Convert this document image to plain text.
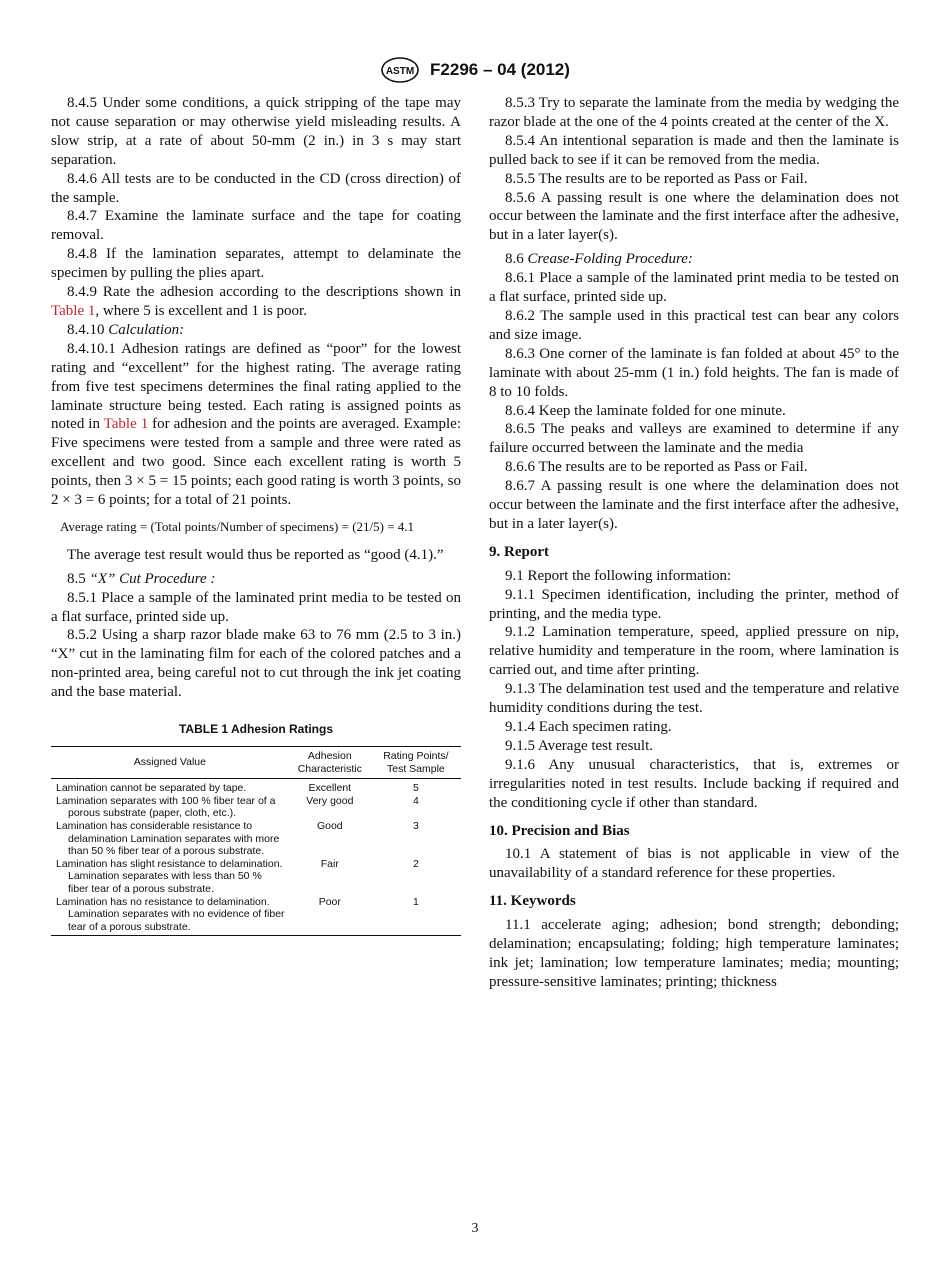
ASTM F2296 – 04 (2012)

8.4.5 Under some conditions, a quick stripping of the tape may not cause separation or may otherwise yield misleading results. A slow strip, at a rate of about 50-mm (2 in.) in 3 s may start separation.

8.4.6 All tests are to be conducted in the CD (cross direction) of the sample.

8.4.7 Examine the laminate surface and the tape for coating removal.

8.4.8 If the lamination separates, attempt to delaminate the specimen by pulling the plies apart.

8.4.9 Rate the adhesion according to the descriptions shown in Table 1, where 5 is excellent and 1 is poor.

8.4.10 Calculation:

8.4.10.1 Adhesion ratings are defined as “poor” for the lowest rating and “excellent” for the highest rating. The average rating from five test specimens determines the final rating applied to the laminate structure being tested. Each rating is assigned points as noted in Table 1 for adhesion and the points are averaged. Example: Five specimens were tested from a sample and three were rated as excellent and two good. Since each excellent rating is worth 5 points, then 3 × 5 = 15 points; each good rating is worth 3 points, so 2 × 3 = 6 points; for a total of 21 points.

Average rating = (Total points/Number of specimens) = (21/5) = 4.1

The average test result would thus be reported as “good (4.1).”

8.5 “X” Cut Procedure :

8.5.1 Place a sample of the laminated print media to be tested on a flat surface, printed side up.

8.5.2 Using a sharp razor blade make 63 to 76 mm (2.5 to 3 in.) “X” cut in the laminating film for each of the colored patches and a non-printed area, being careful not to cut through the ink jet coating and the base material.

TABLE 1 Adhesion Ratings
Assigned Value	Adhesion Characteristic	Rating Points/ Test Sample

Lamination cannot be separated by tape.	Excellent	5

Lamination separates with 100 % fiber tear of a porous substrate (paper, cloth, etc.).	Very good	4

Lamination has considerable resistance to delamination Lamination separates with more than 50 % fiber tear of a porous substrate.	Good	3

Lamination has slight resistance to delamination. Lamination separates with less than 50 % fiber tear of a porous substrate.	Fair	2

Lamination has no resistance to delamination. Lamination separates with no evidence of fiber tear of a porous substrate.	Poor	1

8.5.3 Try to separate the laminate from the media by wedging the razor blade at the one of the 4 points created at the center of the X.

8.5.4 An intentional separation is made and then the laminate is pulled back to see if it can be removed from the media.

8.5.5 The results are to be reported as Pass or Fail.

8.5.6 A passing result is one where the delamination does not occur between the laminate and the first interface after the adhesive, but in a later layer(s).

8.6 Crease-Folding Procedure:

8.6.1 Place a sample of the laminated print media to be tested on a flat surface, printed side up.

8.6.2 The sample used in this practical test can bear any colors and size image.

8.6.3 One corner of the laminate is fan folded at about 45° to the laminate with about 25-mm (1 in.) fold heights. The fan is made of 8 to 10 folds.

8.6.4 Keep the laminate folded for one minute.

8.6.5 The peaks and valleys are examined to determine if any failure occurred between the laminate and the media

8.6.6 The results are to be reported as Pass or Fail.

8.6.7 A passing result is one where the delamination does not occur between the laminate and the first interface after the adhesive, but in a later layer(s).

9. Report

9.1 Report the following information:

9.1.1 Specimen identification, including the printer, method of printing, and the media type.

9.1.2 Lamination temperature, speed, applied pressure on nip, relative humidity and temperature in the room, where lamination is carried out, and time after printing.

9.1.3 The delamination test used and the temperature and relative humidity conditions during the test.

9.1.4 Each specimen rating.

9.1.5 Average test result.

9.1.6 Any unusual characteristics, that is, extremes or irregularities noted in test results. Include backing if required and the conditioning cycle if other than standard.

10. Precision and Bias

10.1 A statement of bias is not applicable in view of the unavailability of a standard reference for these properties.

11. Keywords

11.1 accelerate aging; adhesion; bond strength; debonding; delamination; encapsulating; folding; high temperature laminates; ink jet; lamination; low temperature laminates; media; mounting; pressure-sensitive laminates; printing; thickness

3
